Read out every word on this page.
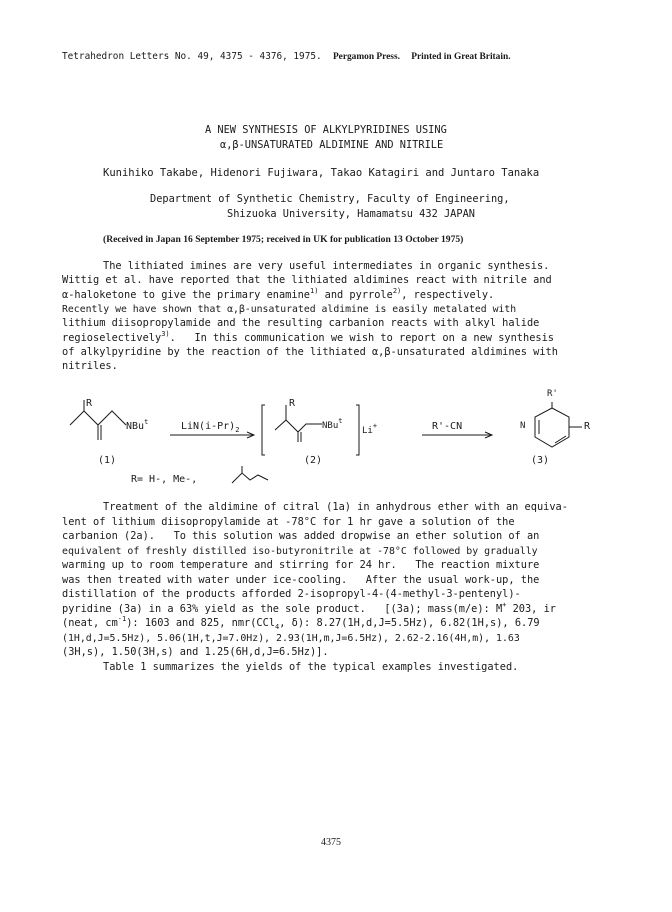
Tetrahedron Letters No. 49, 4375 - 4376, 1975. Pergamon Press. Printed in Great Britain.
A NEW SYNTHESIS OF ALKYLPYRIDINES USING
α,β-UNSATURATED ALDIMINE AND NITRILE
Kunihiko Takabe, Hidenori Fujiwara, Takao Katagiri and Juntaro Tanaka
Department of Synthetic Chemistry, Faculty of Engineering,
Shizuoka University, Hamamatsu 432 JAPAN
(Received in Japan 16 September 1975; received in UK for publication 13 October 1975)
The lithiated imines are very useful intermediates in organic synthesis.
Wittig et al. have reported that the lithiated aldimines react with nitrile and
α-haloketone to give the primary enamine$^{1)}$ and pyrrole$^{2)}$, respectively.
Recently we have shown that α,β-unsaturated aldimine is easily metalated with
lithium diisopropylamide and the resulting carbanion reacts with alkyl halide
regioselectively$^{3)}$.   In this communication we wish to report on a new synthesis
of alkylpyridine by the reaction of the lithiated α,β-unsaturated aldimines with
nitriles.
R
NBu$^t$	$LiN(i-Pr)_2$
R
NBu$^t$
Li+	R'-CN
R'
N	R
(1)	(2)	(3)
R= H-, Me-,
Treatment of the aldimine of citral (1a) in anhydrous ether with an equiva-
lent of lithium diisopropylamide at -78°C for 1 hr gave a solution of the
carbanion (2a).   To this solution was added dropwise an ether solution of an
equivalent of freshly distilled iso-butyronitrile at -78°C followed by gradually
warming up to room temperature and stirring for 24 hr.   The reaction mixture
was then treated with water under ice-cooling.   After the usual work-up, the
distillation of the products afforded 2-isopropyl-4-(4-methyl-3-pentenyl)-
pyridine (3a) in a 63% yield as the sole product.   [(3a); mass(m/e): M+ 203, ir
(neat, $cm^{-1}$): 1603 and 825, nmr(CCl$_4$, δ): 8.27(1H,d,J=5.5Hz), 6.82(1H,s), 6.79
(1H,d,J=5.5Hz), 5.06(1H,t,J=7.0Hz), 2.93(1H,m,J=6.5Hz), 2.62-2.16(4H,m), 1.63
(3H,s), 1.50(3H,s) and 1.25(6H,d,J=6.5Hz)].
Table 1 summarizes the yields of the typical examples investigated.
4375
